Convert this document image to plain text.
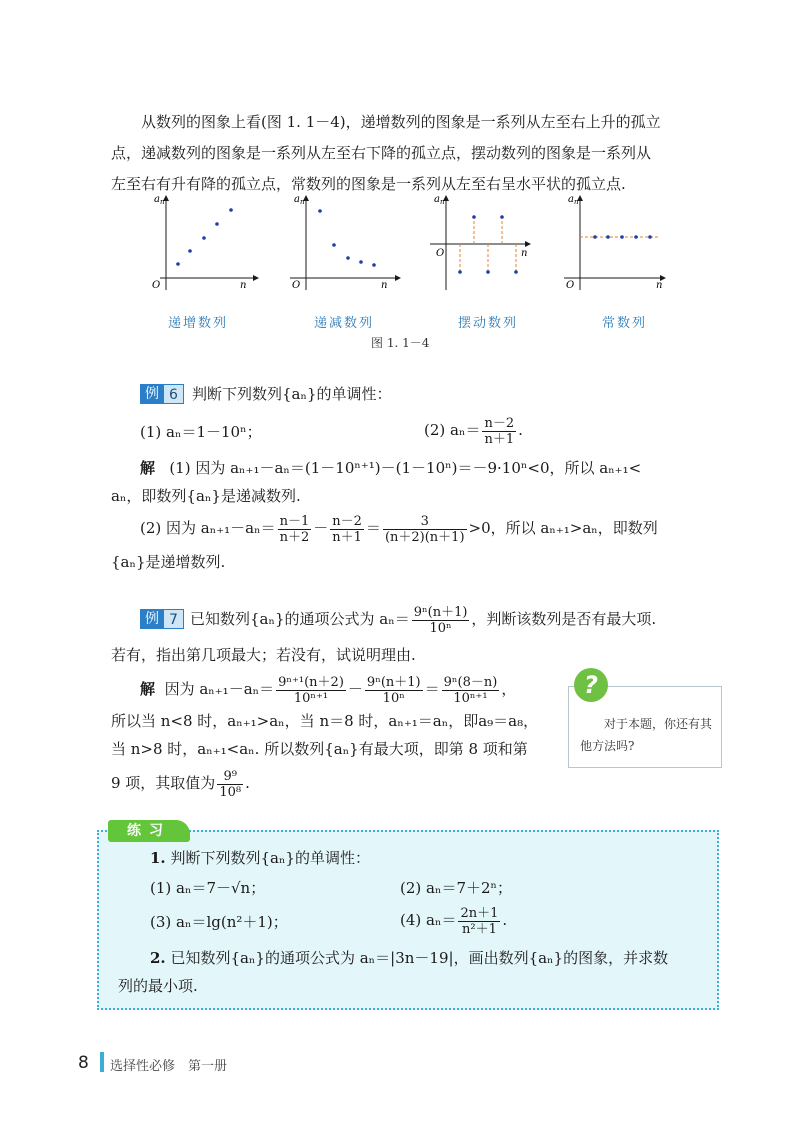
从数列的图象上看(图 1. 1－4)，递增数列的图象是一系列从左至右上升的孤立
点，递减数列的图象是一系列从左至右下降的孤立点，摆动数列的图象是一系列从
左至右有升有降的孤立点，常数列的图象是一系列从左至右呈水平状的孤立点.
a n
O	n
a n
O	n
a n
O	n
a n
O	n
递增数列	递减数列	摆动数列	常数列
图 1. 1－4
例 6 判断下列数列{aₙ}的单调性：
(1) aₙ＝1－10ⁿ；	(2) $a_n= \frac{n-2}{n+1}$ .
解 (1) 因为 aₙ₊₁－aₙ＝(1－10ⁿ⁺¹)－(1－10ⁿ)＝－9·10ⁿ<0，所以 aₙ₊₁<
aₙ，即数列{aₙ}是递减数列.
(2) 因为 $a_{n+1}-a_n= \frac{n-1}{n+2} - \frac{n-2}{n+1} = \frac{3}{(n+2)(n+1)} >0$，所以 aₙ₊₁>aₙ，即数列
{aₙ}是递增数列.
例 7 已知数列{aₙ}的通项公式为 $a_n= \frac{\text{9ⁿ(n＋1)}}{\text{10ⁿ}}$ ，判断该数列是否有最大项.
若有，指出第几项最大；若没有，试说明理由.
解 因为 $a_{n+1}-a_n= \frac{\text{9ⁿ⁺¹(n＋2)}}{\text{10ⁿ⁺¹}} - \frac{\text{9ⁿ(n＋1)}}{\text{10ⁿ}} = \frac{\text{9ⁿ(8－n)}}{\text{10ⁿ⁺¹}}$ ，
所以当 n<8 时，aₙ₊₁>aₙ，当 n＝8 时，aₙ₊₁＝aₙ，即a₉＝a₈，
当 n>8 时，aₙ₊₁<aₙ. 所以数列{aₙ}有最大项，即第 8 项和第
9 项，其取值为 $\frac{\text{9⁹}}{\text{10⁸}}$ .
?
对于本题，你还有其他方法吗?
练习
1. 判断下列数列{aₙ}的单调性：
(1) aₙ＝7－√n；	(2) aₙ＝7＋2ⁿ；
(3) aₙ＝lg(n²＋1)；	(4) $a_n= \frac{2n+1}{\text{n²＋1}}$ .
2. 已知数列{aₙ}的通项公式为 aₙ＝|3n－19|，画出数列{aₙ}的图象，并求数
列的最小项.
8 选择性必修　第一册
